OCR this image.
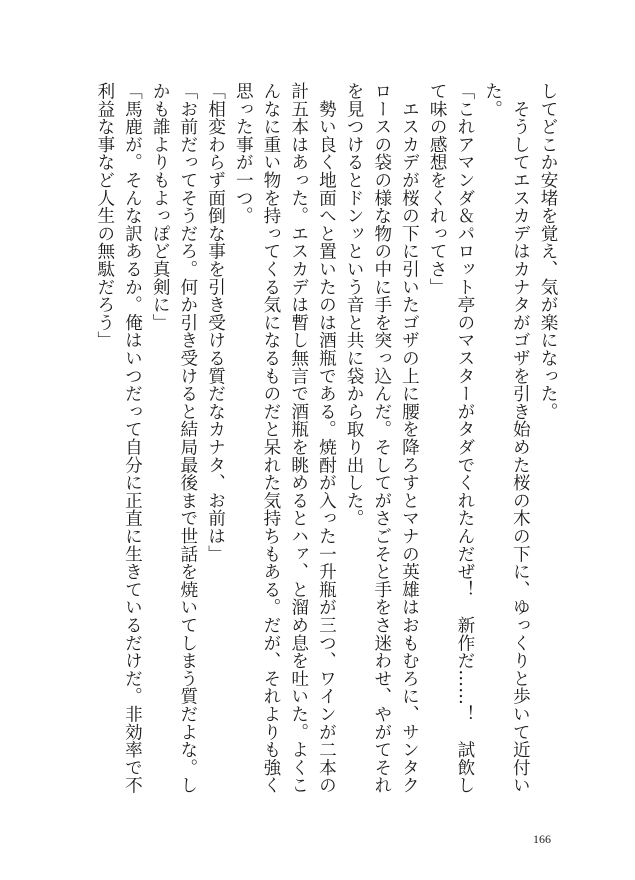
してどこか安堵を覚え、気が楽になった。
　そうしてエスカデはカナタがゴザを引き始めた桜の木の下に、ゆっくりと歩いて近付い
た。
「これアマンダ＆パロット亭のマスターがタダでくれたんだぜ！　新作だ……！　試飲し
て味の感想をくれってさ」
　エスカデが桜の下に引いたゴザの上に腰を降ろすとマナの英雄はおもむろに、サンタク
ロースの袋の様な物の中に手を突っ込んだ。そしてがさごそと手をさ迷わせ、やがてそれ
を見つけるとドンッという音と共に袋から取り出した。
　勢い良く地面へと置いたのは酒瓶である。焼酎が入った一升瓶が三つ、ワインが二本の
計五本はあった。エスカデは暫し無言で酒瓶を眺めるとハァ、と溜め息を吐いた。よくこ
んなに重い物を持ってくる気になるものだと呆れた気持ちもある。だが、それよりも強く
思った事が一つ。
「相変わらず面倒な事を引き受ける質だなカナタ、お前は」
「お前だってそうだろ。何か引き受けると結局最後まで世話を焼いてしまう質だよな。し
かも誰よりもよっぽど真剣に」
「馬鹿が。そんな訳あるか。俺はいつだって自分に正直に生きているだけだ。非効率で不
利益な事など人生の無駄だろう」
166
